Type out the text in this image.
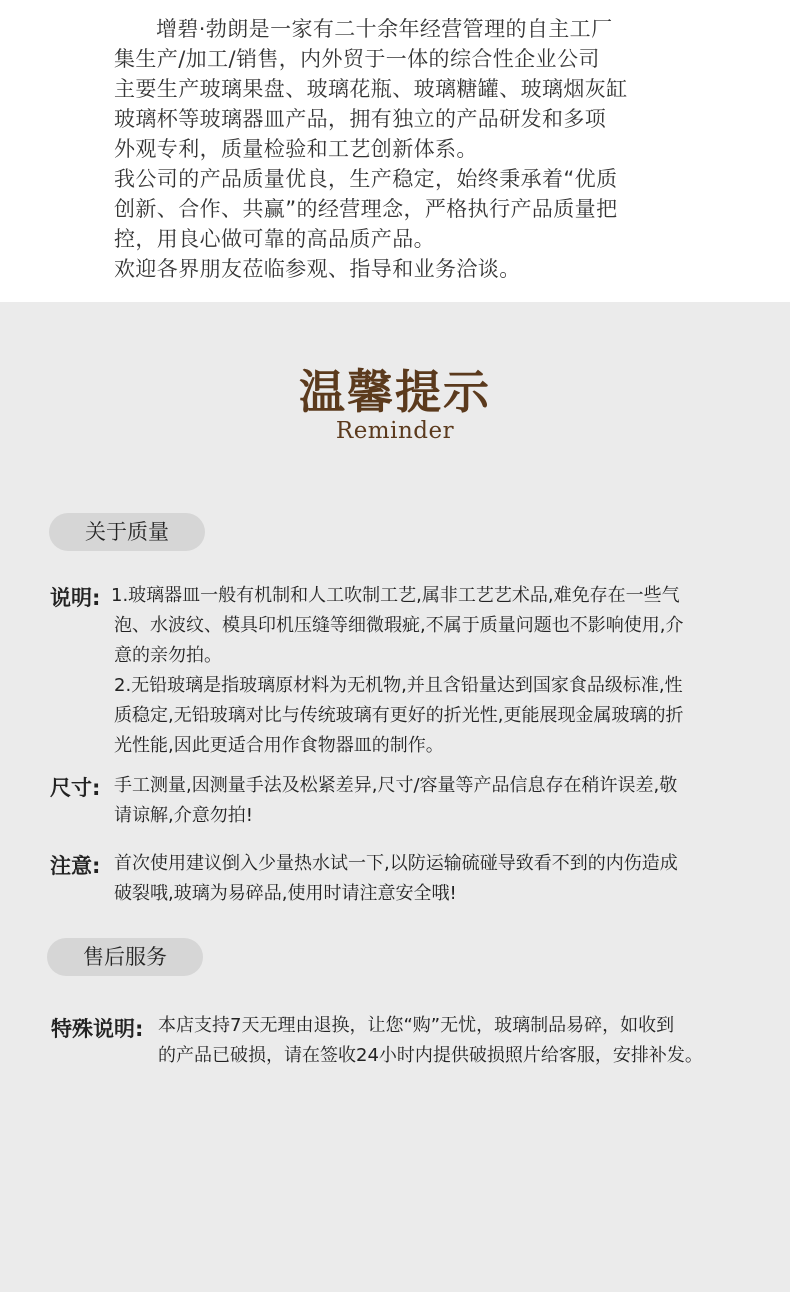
增碧·勃朗是一家有二十余年经营管理的自主工厂

集生产/加工/销售，内外贸于一体的综合性企业公司

主要生产玻璃果盘、玻璃花瓶、玻璃糖罐、玻璃烟灰缸

玻璃杯等玻璃器皿产品，拥有独立的产品研发和多项

外观专利，质量检验和工艺创新体系。

我公司的产品质量优良，生产稳定，始终秉承着“优质

创新、合作、共赢”的经营理念，严格执行产品质量把

控，用良心做可靠的高品质产品。

欢迎各界朋友莅临参观、指导和业务洽谈。

温馨提示
Reminder
关于质量
说明: 1.玻璃器皿一般有机制和人工吹制工艺,属非工艺艺术品,难免存在一些气
泡、水波纹、模具印机压缝等细微瑕疵,不属于质量问题也不影响使用,介
意的亲勿拍。
2.无铅玻璃是指玻璃原材料为无机物,并且含铅量达到国家食品级标准,性
质稳定,无铅玻璃对比与传统玻璃有更好的折光性,更能展现金属玻璃的折
光性能,因此更适合用作食物器皿的制作。
尺寸: 手工测量,因测量手法及松紧差异,尺寸/容量等产品信息存在稍许误差,敬
请谅解,介意勿拍!
注意: 首次使用建议倒入少量热水试一下,以防运输硫碰导致看不到的内伤造成
破裂哦,玻璃为易碎品,使用时请注意安全哦!
售后服务
特殊说明: 本店支持7天无理由退换，让您“购”无忧，玻璃制品易碎，如收到
的产品已破损，请在签收24小时内提供破损照片给客服，安排补发。
